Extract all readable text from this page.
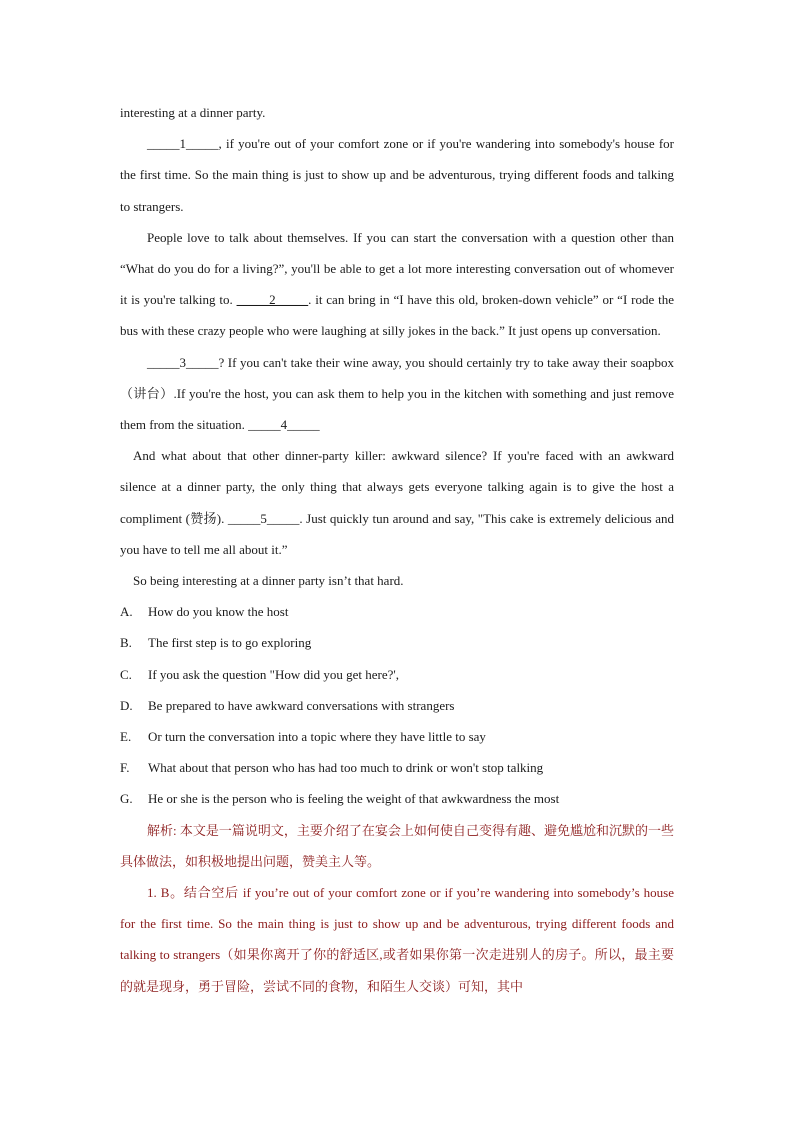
interesting at a dinner party.

_____1_____, if you're out of your comfort zone or if you're wandering into somebody's house for the first time. So the main thing is just to show up and be adventurous, trying different foods and talking to strangers.

People love to talk about themselves. If you can start the conversation with a question other than “What do you do for a living?”, you'll be able to get a lot more interesting conversation out of whomever it is you're talking to. _____2_____. it can bring in “I have this old, broken-down vehicle” or “I rode the bus with these crazy people who were laughing at silly jokes in the back.” It just opens up conversation.

_____3_____? If you can't take their wine away, you should certainly try to take away their soapbox （讲台）.If you're the host, you can ask them to help you in the kitchen with something and just remove them from the situation. _____4_____

And what about that other dinner-party killer: awkward silence? If you're faced with an awkward silence at a dinner party, the only thing that always gets everyone talking again is to give the host a compliment (赞扬). _____5_____. Just quickly tun around and say, "This cake is extremely delicious and you have to tell me all about it.”

So being interesting at a dinner party isn’t that hard.

A.	How do you know the host

B.	The first step is to go exploring

C.	If you ask the question "How did you get here?',

D.	Be prepared to have awkward conversations with strangers

E.	Or turn the conversation into a topic where they have little to say

F.	What about that person who has had too much to drink or won't stop talking

G.	He or she is the person who is feeling the weight of that awkwardness the most

解析: 本文是一篇说明文，主要介绍了在宴会上如何使自己变得有趣、避免尴尬和沉默的一些具体做法，如积极地提出问题，赞美主人等。

1. B。结合空后 if you’re out of your comfort zone or if you’re wandering into somebody’s house for the first time. So the main thing is just to show up and be adventurous, trying different foods and talking to strangers（如果你离开了你的舒适区,或者如果你第一次走进别人的房子。所以，最主要的就是现身，勇于冒险，尝试不同的食物，和陌生人交谈）可知，其中
